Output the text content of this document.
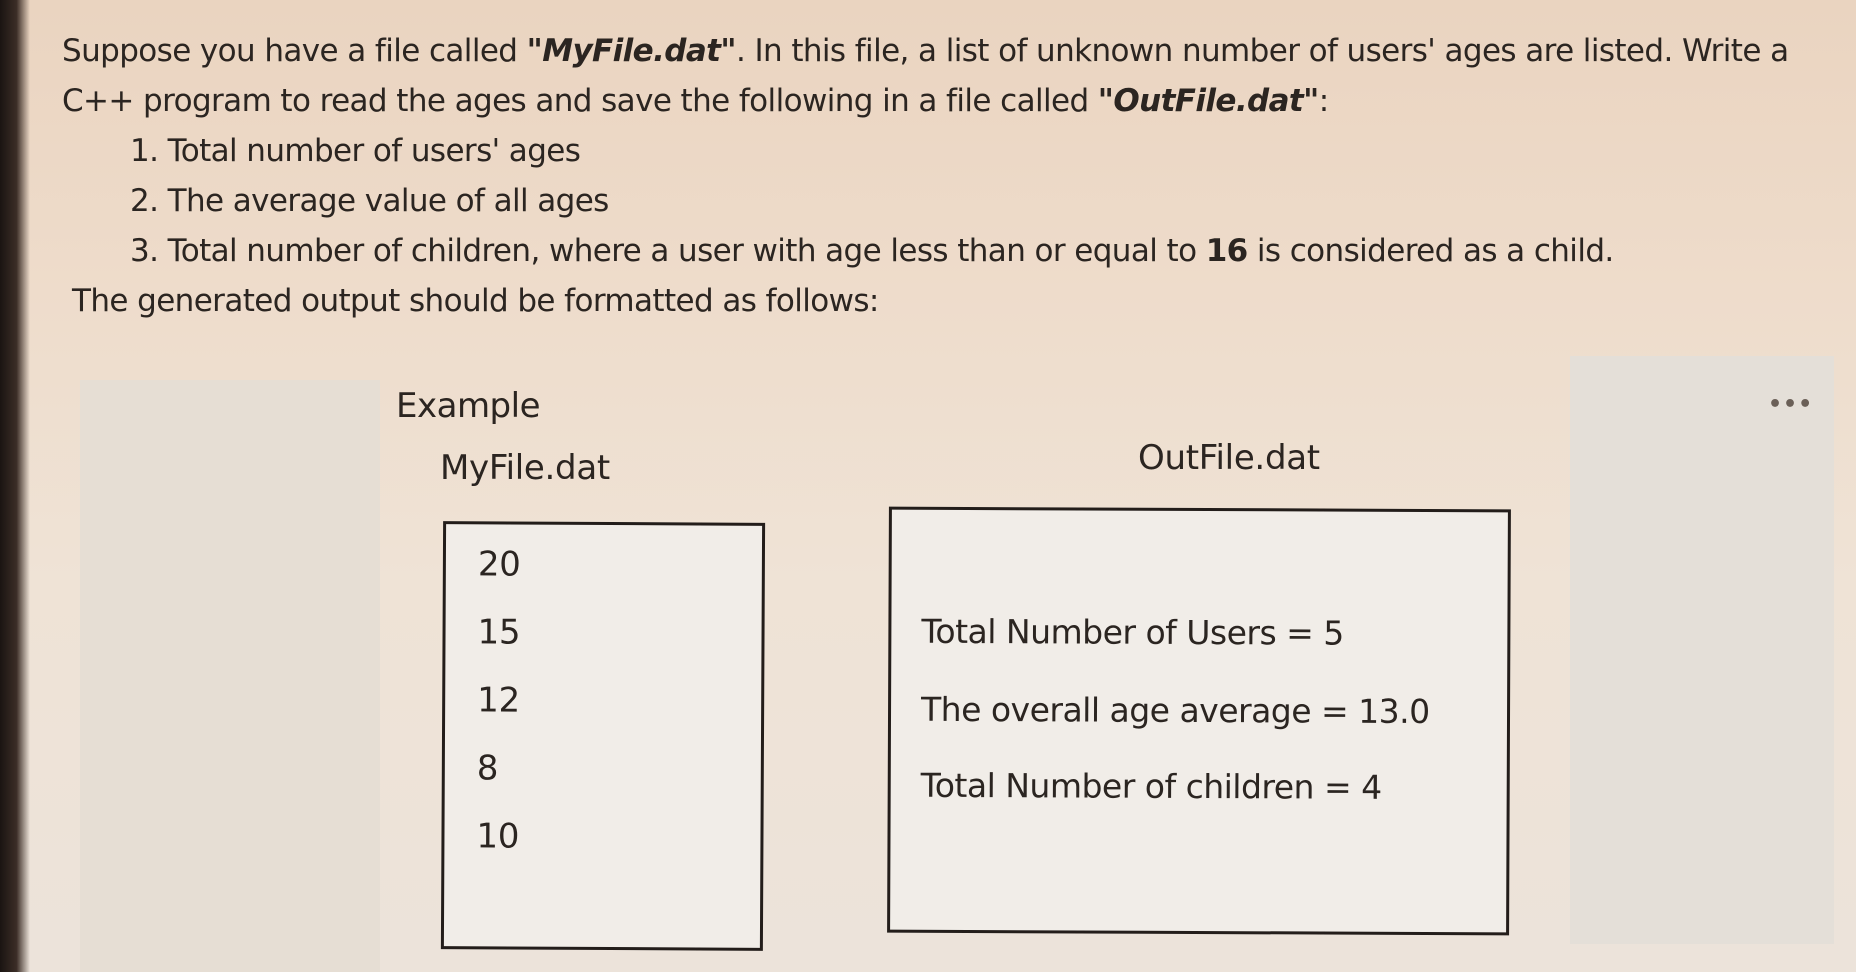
Suppose you have a file called "MyFile.dat". In this file, a list of unknown number of users' ages are listed. Write a C++ program to read the ages and save the following in a file called "OutFile.dat":

1. Total number of users' ages
2. The average value of all ages
3. Total number of children, where a user with age less than or equal to 16 is considered as a child.

The generated output should be formatted as follows:

•••
Example
MyFile.dat	OutFile.dat
20
15
12
8
10
Total Number of Users = 5
The overall age average = 13.0
Total Number of children = 4
